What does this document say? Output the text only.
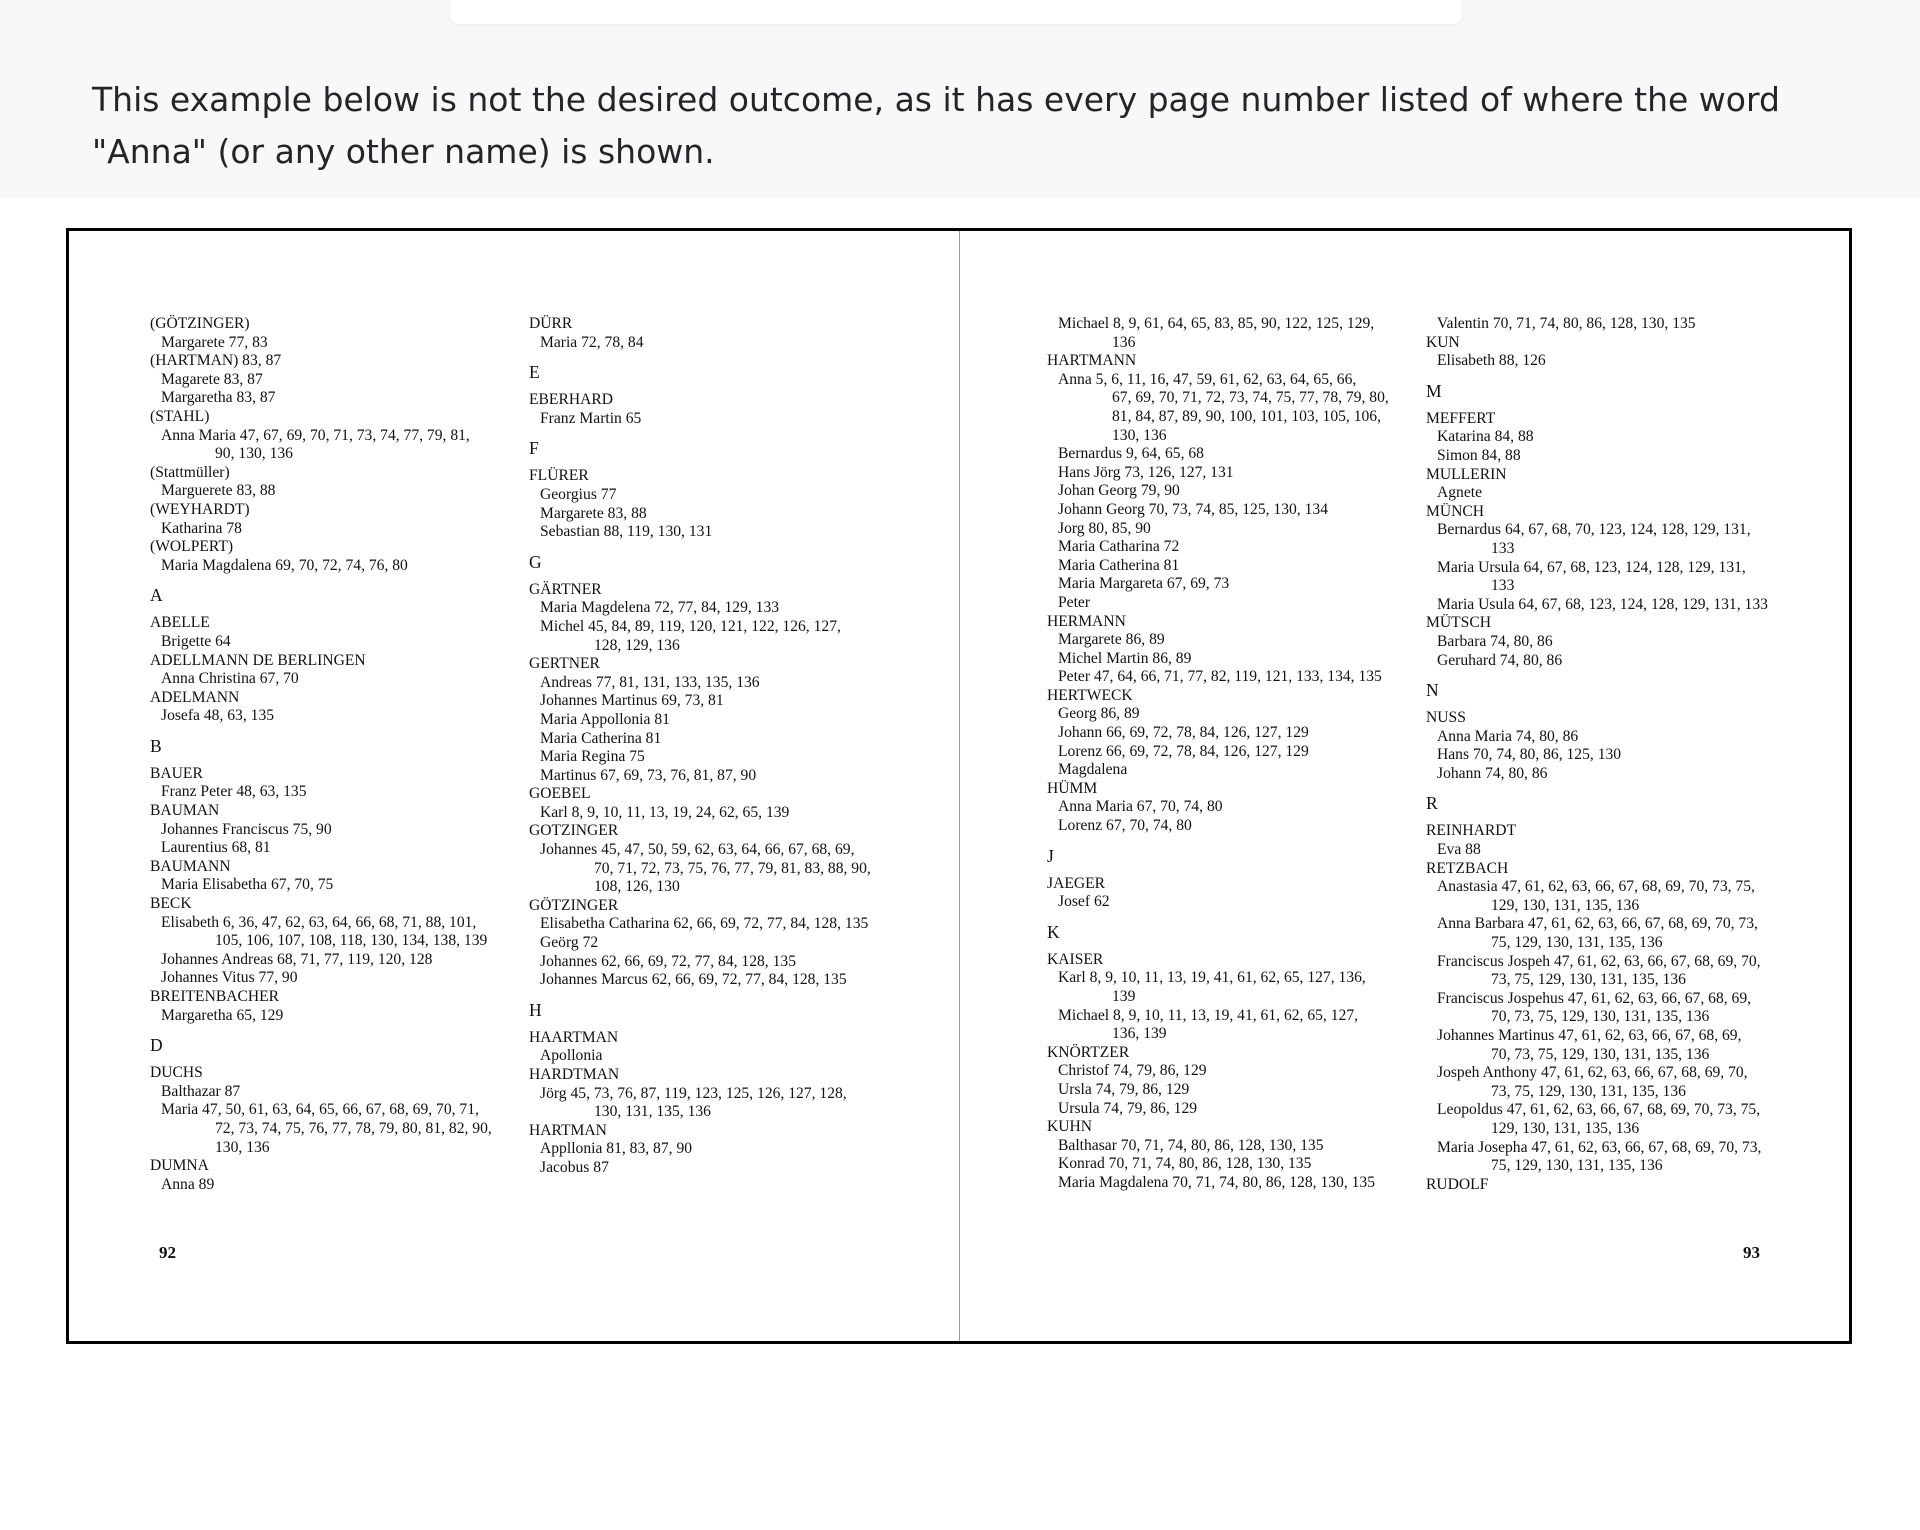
This example below is not the desired outcome, as it has every page number listed of where the word "Anna" (or any other name) is shown.

(GÖTZINGER)
Margarete 77, 83
(HARTMAN) 83, 87
Magarete 83, 87
Margaretha 83, 87
(STAHL)
Anna Maria 47, 67, 69, 70, 71, 73, 74, 77, 79, 81,
90, 130, 136
(Stattmüller)
Marguerete 83, 88
(WEYHARDT)
Katharina 78
(WOLPERT)
Maria Magdalena 69, 70, 72, 74, 76, 80
A
ABELLE
Brigette 64
ADELLMANN DE BERLINGEN
Anna Christina 67, 70
ADELMANN
Josefa 48, 63, 135
B
BAUER
Franz Peter 48, 63, 135
BAUMAN
Johannes Franciscus 75, 90
Laurentius 68, 81
BAUMANN
Maria Elisabetha 67, 70, 75
BECK
Elisabeth 6, 36, 47, 62, 63, 64, 66, 68, 71, 88, 101,
105, 106, 107, 108, 118, 130, 134, 138, 139
Johannes Andreas 68, 71, 77, 119, 120, 128
Johannes Vitus 77, 90
BREITENBACHER
Margaretha 65, 129
D
DUCHS
Balthazar 87
Maria 47, 50, 61, 63, 64, 65, 66, 67, 68, 69, 70, 71,
72, 73, 74, 75, 76, 77, 78, 79, 80, 81, 82, 90,
130, 136
DUMNA
Anna 89
DÜRR
Maria 72, 78, 84
E
EBERHARD
Franz Martin 65
F
FLÜRER
Georgius 77
Margarete 83, 88
Sebastian 88, 119, 130, 131
G
GÄRTNER
Maria Magdelena 72, 77, 84, 129, 133
Michel 45, 84, 89, 119, 120, 121, 122, 126, 127,
128, 129, 136
GERTNER
Andreas 77, 81, 131, 133, 135, 136
Johannes Martinus 69, 73, 81
Maria Appollonia 81
Maria Catherina 81
Maria Regina 75
Martinus 67, 69, 73, 76, 81, 87, 90
GOEBEL
Karl 8, 9, 10, 11, 13, 19, 24, 62, 65, 139
GOTZINGER
Johannes 45, 47, 50, 59, 62, 63, 64, 66, 67, 68, 69,
70, 71, 72, 73, 75, 76, 77, 79, 81, 83, 88, 90,
108, 126, 130
GÖTZINGER
Elisabetha Catharina 62, 66, 69, 72, 77, 84, 128, 135
Geörg 72
Johannes 62, 66, 69, 72, 77, 84, 128, 135
Johannes Marcus 62, 66, 69, 72, 77, 84, 128, 135
H
HAARTMAN
Apollonia
HARDTMAN
Jörg 45, 73, 76, 87, 119, 123, 125, 126, 127, 128,
130, 131, 135, 136
HARTMAN
Appllonia 81, 83, 87, 90
Jacobus 87
Michael 8, 9, 61, 64, 65, 83, 85, 90, 122, 125, 129,
136
HARTMANN
Anna 5, 6, 11, 16, 47, 59, 61, 62, 63, 64, 65, 66,
67, 69, 70, 71, 72, 73, 74, 75, 77, 78, 79, 80,
81, 84, 87, 89, 90, 100, 101, 103, 105, 106,
130, 136
Bernardus 9, 64, 65, 68
Hans Jörg 73, 126, 127, 131
Johan Georg 79, 90
Johann Georg 70, 73, 74, 85, 125, 130, 134
Jorg 80, 85, 90
Maria Catharina 72
Maria Catherina 81
Maria Margareta 67, 69, 73
Peter
HERMANN
Margarete 86, 89
Michel Martin 86, 89
Peter 47, 64, 66, 71, 77, 82, 119, 121, 133, 134, 135
HERTWECK
Georg 86, 89
Johann 66, 69, 72, 78, 84, 126, 127, 129
Lorenz 66, 69, 72, 78, 84, 126, 127, 129
Magdalena
HÜMM
Anna Maria 67, 70, 74, 80
Lorenz 67, 70, 74, 80
J
JAEGER
Josef 62
K
KAISER
Karl 8, 9, 10, 11, 13, 19, 41, 61, 62, 65, 127, 136,
139
Michael 8, 9, 10, 11, 13, 19, 41, 61, 62, 65, 127,
136, 139
KNÖRTZER
Christof 74, 79, 86, 129
Ursla 74, 79, 86, 129
Ursula 74, 79, 86, 129
KUHN
Balthasar 70, 71, 74, 80, 86, 128, 130, 135
Konrad 70, 71, 74, 80, 86, 128, 130, 135
Maria Magdalena 70, 71, 74, 80, 86, 128, 130, 135
Valentin 70, 71, 74, 80, 86, 128, 130, 135
KUN
Elisabeth 88, 126
M
MEFFERT
Katarina 84, 88
Simon 84, 88
MULLERIN
Agnete
MÜNCH
Bernardus 64, 67, 68, 70, 123, 124, 128, 129, 131,
133
Maria Ursula 64, 67, 68, 123, 124, 128, 129, 131,
133
Maria Usula 64, 67, 68, 123, 124, 128, 129, 131, 133
MÜTSCH
Barbara 74, 80, 86
Geruhard 74, 80, 86
N
NUSS
Anna Maria 74, 80, 86
Hans 70, 74, 80, 86, 125, 130
Johann 74, 80, 86
R
REINHARDT
Eva 88
RETZBACH
Anastasia 47, 61, 62, 63, 66, 67, 68, 69, 70, 73, 75,
129, 130, 131, 135, 136
Anna Barbara 47, 61, 62, 63, 66, 67, 68, 69, 70, 73,
75, 129, 130, 131, 135, 136
Franciscus Jospeh 47, 61, 62, 63, 66, 67, 68, 69, 70,
73, 75, 129, 130, 131, 135, 136
Franciscus Jospehus 47, 61, 62, 63, 66, 67, 68, 69,
70, 73, 75, 129, 130, 131, 135, 136
Johannes Martinus 47, 61, 62, 63, 66, 67, 68, 69,
70, 73, 75, 129, 130, 131, 135, 136
Jospeh Anthony 47, 61, 62, 63, 66, 67, 68, 69, 70,
73, 75, 129, 130, 131, 135, 136
Leopoldus 47, 61, 62, 63, 66, 67, 68, 69, 70, 73, 75,
129, 130, 131, 135, 136
Maria Josepha 47, 61, 62, 63, 66, 67, 68, 69, 70, 73,
75, 129, 130, 131, 135, 136
RUDOLF
92	93
